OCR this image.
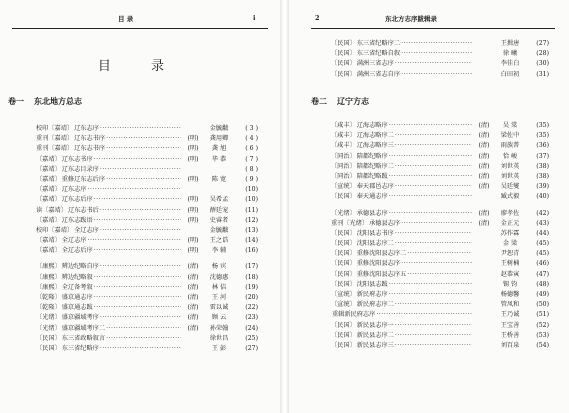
目 录	i
目 录
卷一 东北地方总志
校印〔嘉靖〕 辽东志序 ·····	金毓黻	( 3 )
重刊〔嘉靖〕 辽东志书序 ·····	(明)	龚用卿	( 4 )
重刊〔嘉靖〕 辽东志书序 ·····	(明)	龚 旭	( 6 )
〔嘉靖〕 辽东志书序 ·····	(明)	毕 恭	( 7 )
〔嘉靖〕 辽东志目录序 ·····	( 8 )
〔嘉靖〕 重修辽东志后序 ·····	(明)	陈 宽	( 9 )
〔嘉靖〕 辽东志序 ·····	(10)
〔嘉靖〕 辽东志后序 ·····	(明)	吴希孟	(10)
读〔嘉靖〕 辽东志书后 ·····	(明)	薛廷宠	(11)
〔嘉靖〕 辽东志跋语 ·····	(明)	史睿者	(12)
校印〔嘉靖〕 全辽志序 ·····	金毓黻	(13)
〔嘉靖〕 全辽志序 ·····	(明)	王之诰	(14)
〔嘉靖〕 全辽志后序 ·····	(明)	李 辅	(16)
〔康熙〕 辨边纪略自序 ·····	(清)	杨 宾	(17)
〔康熙〕 辨边纪略叙 ·····	(清)	沈德惠	(18)
〔康熙〕 全辽备考叙 ·····	(清)	林 佶	(19)
〔乾隆〕 盛京通志序 ·····	(清)	王 河	(20)
〔乾隆〕 盛京通志跋 ·····	(清)	雷以诚	(22)
〔光绪〕 盛京疆域考序 ·····	(清)	顾 云	(23)
〔光绪〕 盛京疆域考序二 ·····	(清)	孙荣翰	(24)
〔民国〕 东三省政略叙言 ·····	徐世昌	(25)
〔民国〕 东三省纪略序 ·····	王 彭	(27)
2	东北方志序跋辑录
〔民国〕 东三省纪略序二 ·····	王揖唐	(27)
〔民国〕 东三省纪略自叙 ·····	徐 曦	(28)
〔民国〕 满洲三省志序 ·····	李佳白	(30)
〔民国〕 满洲三省志自序 ·····	白田初	(31)
卷二 辽宁方志
〔咸丰〕 辽海志略序 ·····	(清)	吴 棠	(35)
〔咸丰〕 辽海志略序二 ·····	(清)	梁佐中	(35)
〔咸丰〕 辽海志略序三 ·····	(清)	雨族普	(36)
〔同治〕 陪都纪略序 ·····	(清)	恰 峻	(37)
〔同治〕 陪都纪略序二 ·····	(清)	刘世英	(38)
〔同治〕 陪都纪略跋 ·····	(清)	刘世英	(38)
〔宣统〕 奉天郡邑志序 ·····	(清)	吴廷燮	(39)
〔民国〕 奉天通志序 ·····	臧式毅	(40)
〔光绪〕 承德县志序 ·····	(清)	廖孝佐	(42)
重刊〔光绪〕 承德县志序 ·····	(清)	金正元	(43)
〔民国〕 沈阳县志书序 ·····	苏作霖	(44)
〔民国〕 沈阳县志序二 ·····	金 梁	(45)
〔民国〕 重修沈阳县志序二 ·····	尹恕青	(45)
〔民国〕 重修沈阳县志序 ·····	王树楠	(46)
〔民国〕 重修沈阳县志序五 ·····	赵恭寅	(47)
〔民国〕 沈阳县志跋 ·····	锡 钧	(48)
〔宣统〕 新民府志序 ·····	杨德馨	(49)
〔宣统〕 新民府志序二 ·····	管凤和	(50)
重辑新民府志序 ·····	王乃诚	(51)
〔民国〕 新民县志序一 ·····	王宝善	(52)
〔民国〕 新民县志序二 ·····	王桥善	(53)
〔民国〕 新民县志序三 ·····	刘百泉	(54)
